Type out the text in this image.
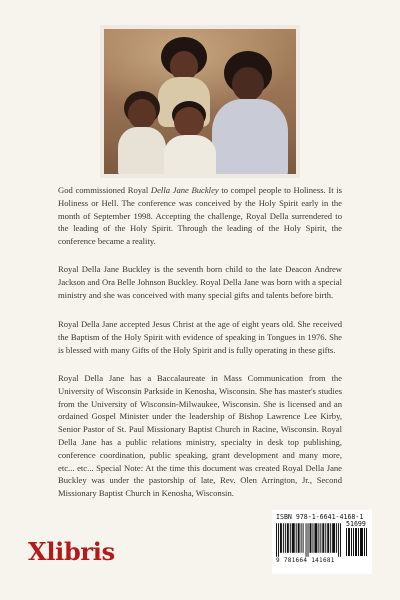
God commissioned Royal Della Jane Buckley to compel people to Holiness. It is Holiness or Hell. The conference was conceived by the Holy Spirit early in the month of September 1998. Accepting the challenge, Royal Della surrendered to the leading of the Holy Spirit. Through the leading of the Holy Spirit, the conference became a reality.

Royal Della Jane Buckley is the seventh born child to the late Deacon Andrew Jackson and Ora Belle Johnson Buckley. Royal Della Jane was born with a special ministry and she was conceived with many special gifts and talents before birth.

Royal Della Jane accepted Jesus Christ at the age of eight years old. She received the Baptism of the Holy Spirit with evidence of speaking in Tongues in 1976. She is blessed with many Gifts of the Holy Spirit and is fully operating in these gifts.

Royal Della Jane has a Baccalaureate in Mass Communication from the University of Wisconsin Parkside in Kenosha, Wisconsin. She has master's studies from the University of Wisconsin-Milwaukee, Wisconsin. She is licensed and an ordained Gospel Minister under the leadership of Bishop Lawrence Lee Kirby, Senior Pastor of St. Paul Missionary Baptist Church in Racine, Wisconsin. Royal Della Jane has a public relations ministry, specialty in desk top publishing, conference coordination, public speaking, grant development and many more, etc... etc... Special Note: At the time this document was created Royal Della Jane Buckley was under the pastorship of late, Rev. Olen Arrington, Jr., Second Missionary Baptist Church in Kenosha, Wisconsin.

Xlibris
ISBN 978-1-6641-4168-1
51699
9 781664 141681
